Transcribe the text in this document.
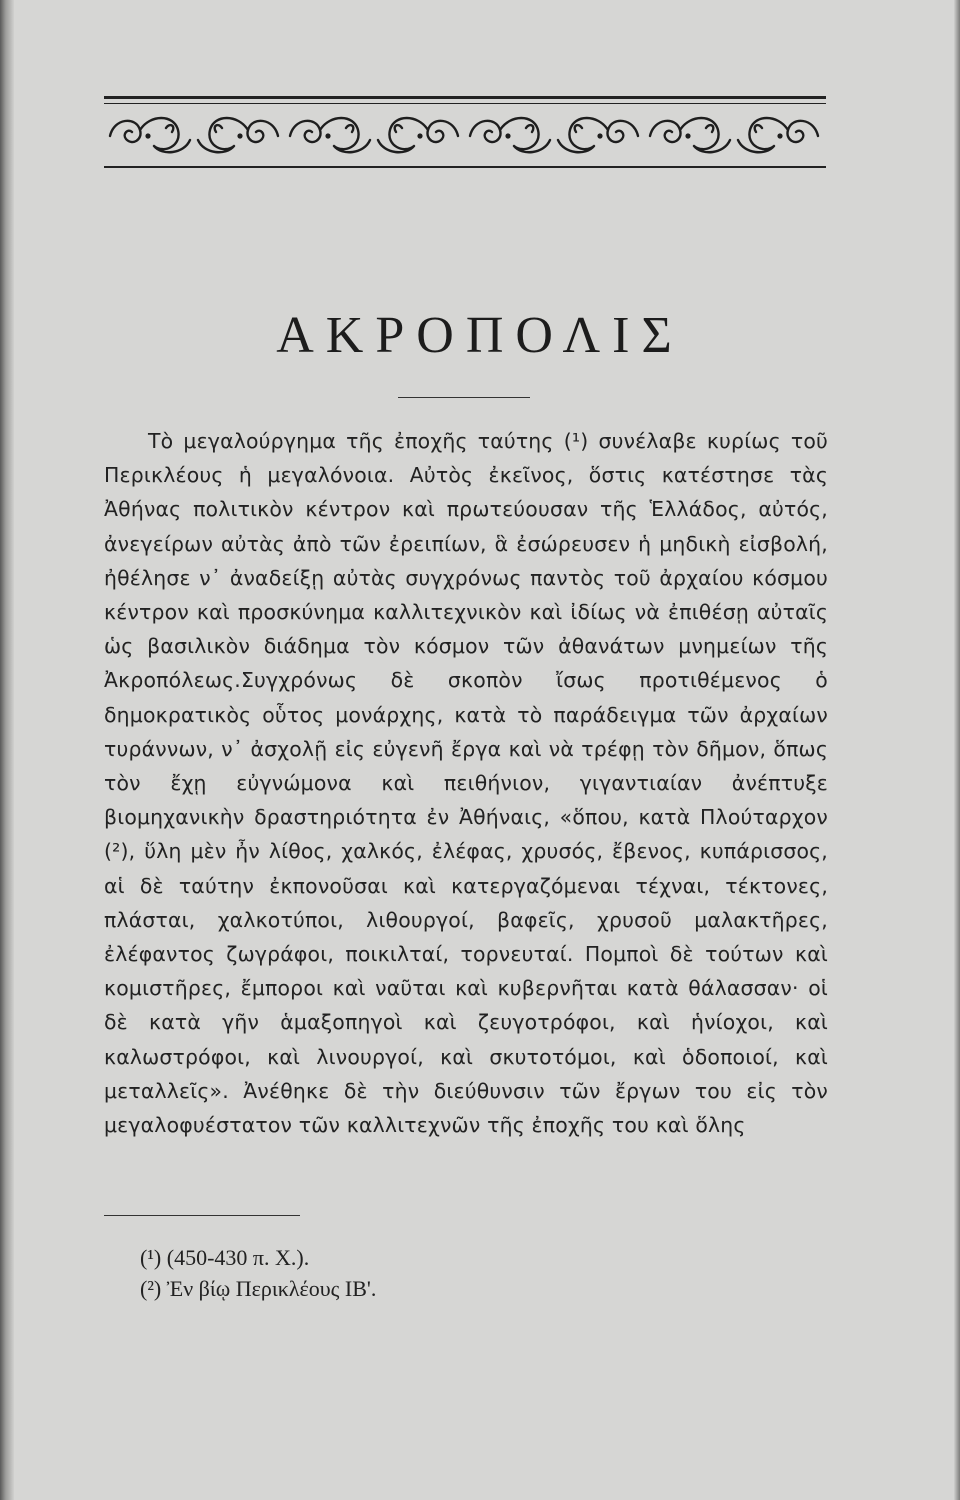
ΑΚΡΟΠΟΛΙΣ

Τὸ μεγαλούργημα τῆς ἐποχῆς ταύτης (¹) συνέλαβε κυρίως τοῦ Περικλέους ἡ μεγαλόνοια. Αὐτὸς ἐκεῖνος, ὅστις κατέστησε τὰς Ἀθήνας πολιτικὸν κέντρον καὶ πρωτεύουσαν τῆς Ἑλλάδος, αὐτός, ἀνεγείρων αὐτὰς ἀπὸ τῶν ἐρειπίων, ἃ ἐσώρευσεν ἡ μηδικὴ εἰσβολή, ἠθέλησε ν᾽ ἀναδείξῃ αὐτὰς συγχρόνως παντὸς τοῦ ἀρχαίου κόσμου κέντρον καὶ προσκύνημα καλλιτεχνικὸν καὶ ἰδίως νὰ ἐπιθέσῃ αὐταῖς ὡς βασιλικὸν διάδημα τὸν κόσμον τῶν ἀθανάτων μνημείων τῆς Ἀκροπόλεως.Συγχρόνως δὲ σκοπὸν ἴσως προτιθέμενος ὁ δημοκρατικὸς οὗτος μονάρχης, κατὰ τὸ παράδειγμα τῶν ἀρχαίων τυράννων, ν᾽ ἀσχολῇ εἰς εὐγενῆ ἔργα καὶ νὰ τρέφῃ τὸν δῆμον, ὅπως τὸν ἔχῃ εὐγνώμονα καὶ πειθήνιον, γιγαντιαίαν ἀνέπτυξε βιομηχανικὴν δραστηριότητα ἐν Ἀθήναις, «ὅπου, κατὰ Πλούταρχον (²), ὕλη μὲν ἦν λίθος, χαλκός, ἐλέφας, χρυσός, ἔβενος, κυπάρισσος, αἱ δὲ ταύτην ἐκπονοῦσαι καὶ κατεργαζόμεναι τέχναι, τέκτονες, πλάσται, χαλκοτύποι, λιθουργοί, βαφεῖς, χρυσοῦ μαλακτῆρες, ἐλέφαντος ζωγράφοι, ποικιλταί, τορνευταί. Πομποὶ δὲ τούτων καὶ κομιστῆρες, ἔμποροι καὶ ναῦται καὶ κυβερνῆται κατὰ θάλασσαν· οἱ δὲ κατὰ γῆν ἁμαξοπηγοὶ καὶ ζευγοτρόφοι, καὶ ἡνίοχοι, καὶ καλωστρόφοι, καὶ λινουργοί, καὶ σκυτοτόμοι, καὶ ὁδοποιοί, καὶ μεταλλεῖς». Ἀνέθηκε δὲ τὴν διεύθυνσιν τῶν ἔργων του εἰς τὸν μεγαλοφυέστατον τῶν καλλιτεχνῶν τῆς ἐποχῆς του καὶ ὅλης

(¹) (450-430 π. Χ.).
(²) Ἐν βίῳ Περικλέους ΙΒ'.
